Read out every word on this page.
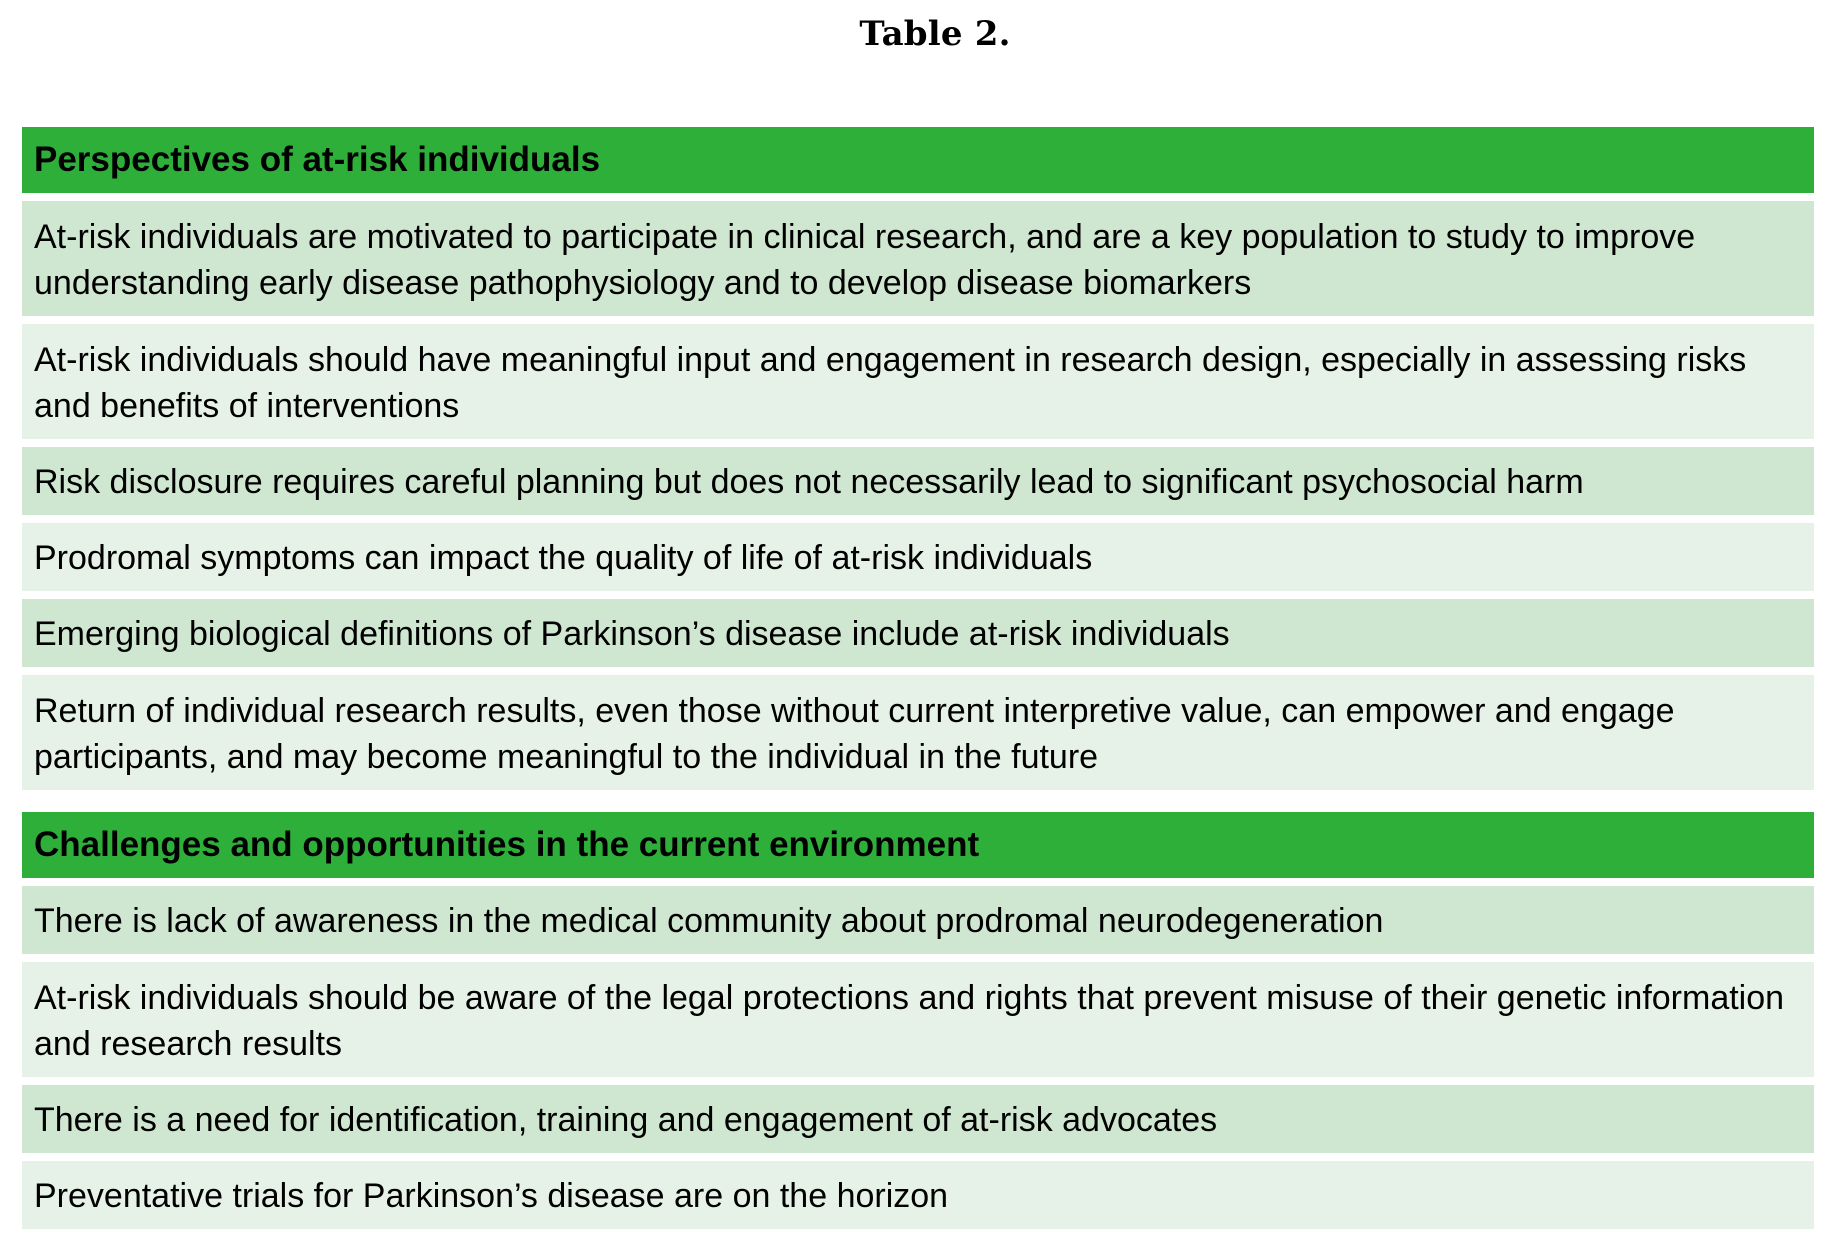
Table 2.
Perspectives of at-risk individuals
At-risk individuals are motivated to participate in clinical research, and are a key population to study to improve understanding early disease pathophysiology and to develop disease biomarkers
At-risk individuals should have meaningful input and engagement in research design, especially in assessing risks and benefits of interventions
Risk disclosure requires careful planning but does not necessarily lead to significant psychosocial harm
Prodromal symptoms can impact the quality of life of at-risk individuals
Emerging biological definitions of Parkinson’s disease include at-risk individuals
Return of individual research results, even those without current interpretive value, can empower and engage participants, and may become meaningful to the individual in the future
Challenges and opportunities in the current environment
There is lack of awareness in the medical community about prodromal neurodegeneration
At-risk individuals should be aware of the legal protections and rights that prevent misuse of their genetic information and research results
There is a need for identification, training and engagement of at-risk advocates
Preventative trials for Parkinson’s disease are on the horizon
